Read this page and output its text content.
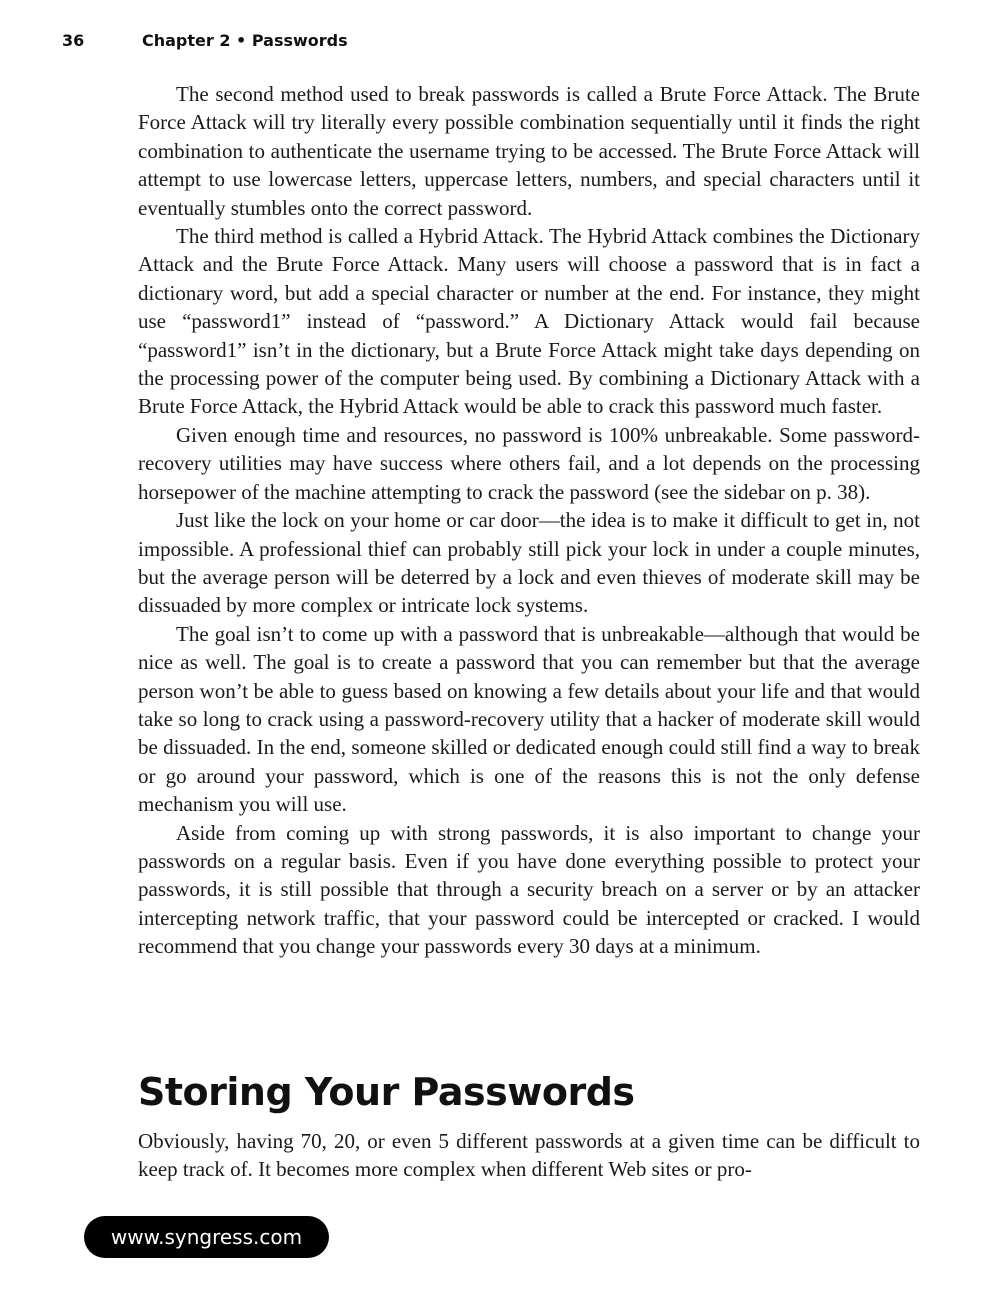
36	Chapter 2 • Passwords

The second method used to break passwords is called a Brute Force Attack. The Brute Force Attack will try literally every possible combination sequentially until it finds the right combination to authenticate the username trying to be accessed. The Brute Force Attack will attempt to use lowercase letters, uppercase letters, numbers, and special characters until it eventually stumbles onto the correct password.

The third method is called a Hybrid Attack. The Hybrid Attack combines the Dictionary Attack and the Brute Force Attack. Many users will choose a password that is in fact a dictionary word, but add a special character or number at the end. For instance, they might use “password1” instead of “password.” A Dictionary Attack would fail because “password1” isn’t in the dictionary, but a Brute Force Attack might take days depending on the processing power of the computer being used. By combining a Dictionary Attack with a Brute Force Attack, the Hybrid Attack would be able to crack this password much faster.

Given enough time and resources, no password is 100% unbreakable. Some password-recovery utilities may have success where others fail, and a lot depends on the processing horsepower of the machine attempting to crack the password (see the sidebar on p. 38).

Just like the lock on your home or car door—the idea is to make it difficult to get in, not impossible. A professional thief can probably still pick your lock in under a couple minutes, but the average person will be deterred by a lock and even thieves of moderate skill may be dissuaded by more complex or intricate lock systems.

The goal isn’t to come up with a password that is unbreakable—although that would be nice as well. The goal is to create a password that you can remember but that the average person won’t be able to guess based on knowing a few details about your life and that would take so long to crack using a password-recovery utility that a hacker of moderate skill would be dissuaded. In the end, someone skilled or dedicated enough could still find a way to break or go around your password, which is one of the reasons this is not the only defense mechanism you will use.

Aside from coming up with strong passwords, it is also important to change your passwords on a regular basis. Even if you have done everything possible to protect your passwords, it is still possible that through a security breach on a server or by an attacker intercepting network traffic, that your password could be intercepted or cracked. I would recommend that you change your passwords every 30 days at a minimum.

Storing Your Passwords

Obviously, having 70, 20, or even 5 different passwords at a given time can be difficult to keep track of. It becomes more complex when different Web sites or pro-

www.syngress.com
